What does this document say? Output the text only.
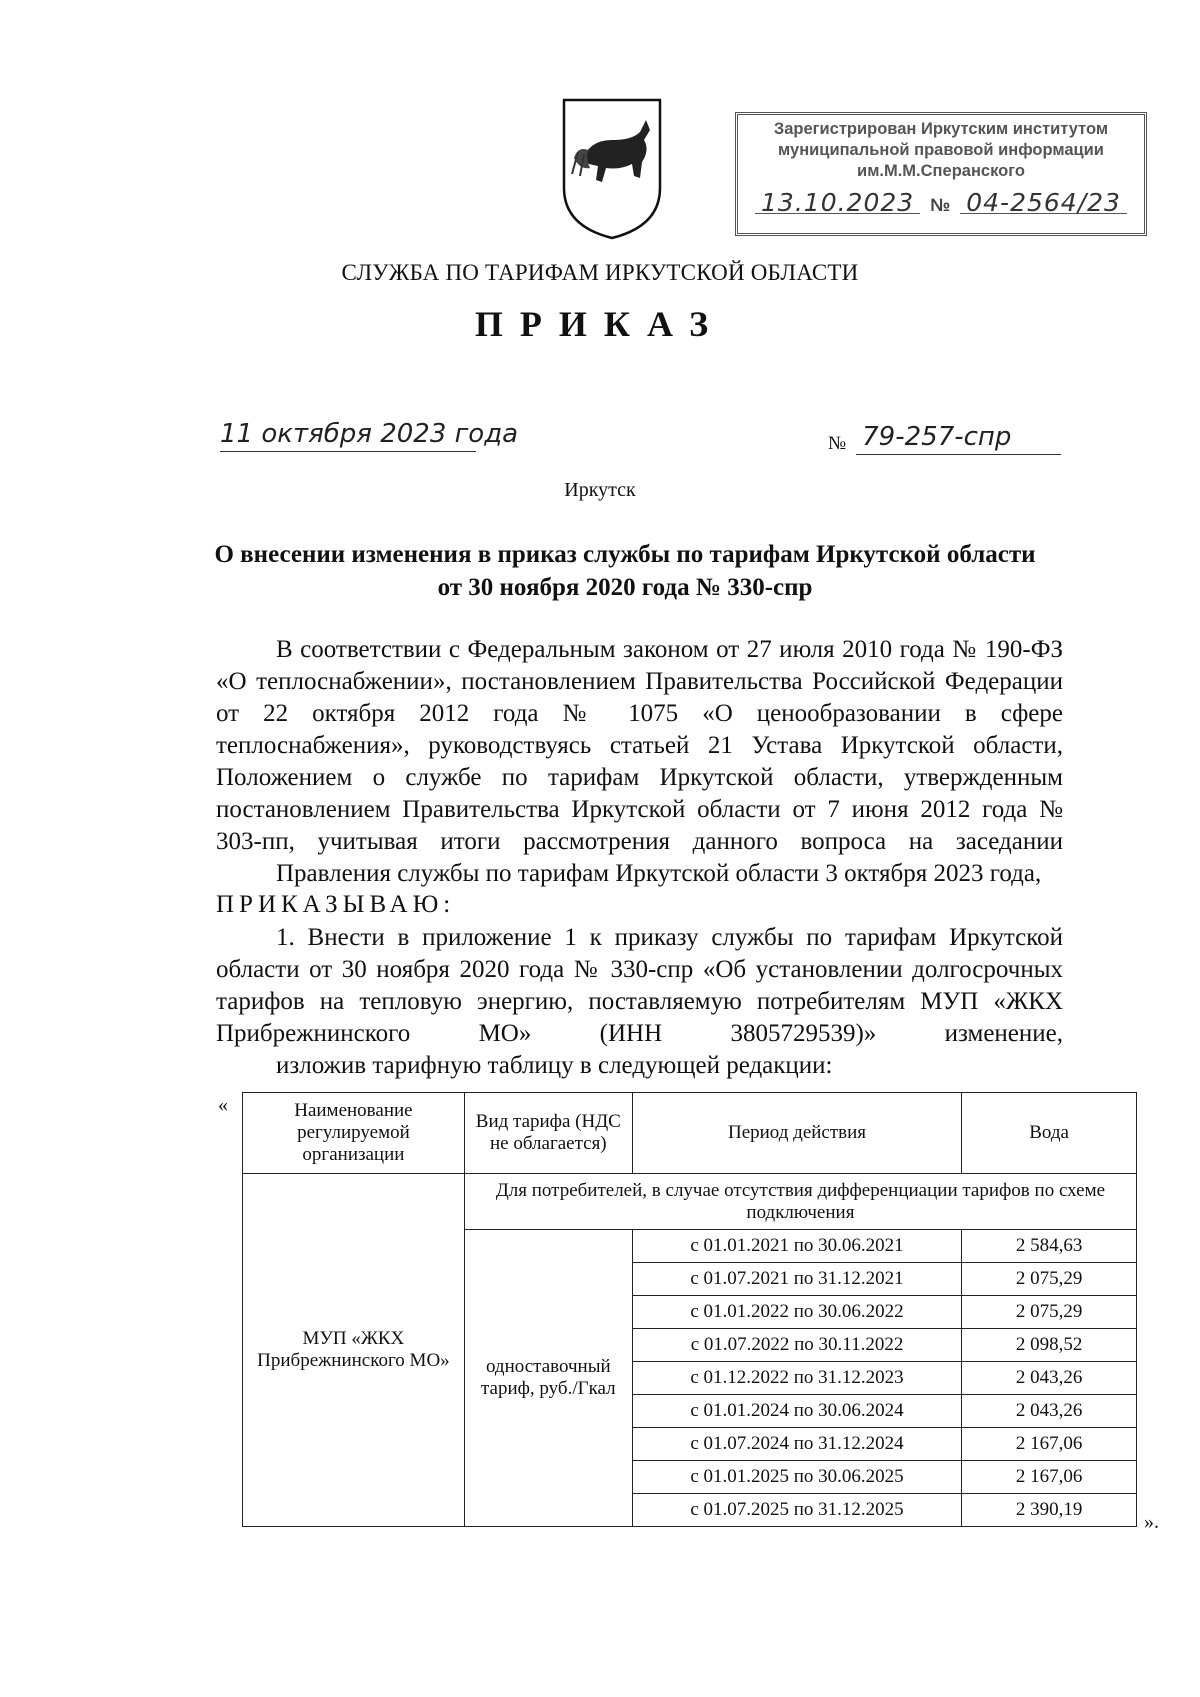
Зарегистрирован Иркутским институтом
муниципальной правовой информации
им.М.М.Сперанского
13.10.2023 № 04-2564/23
СЛУЖБА ПО ТАРИФАМ ИРКУТСКОЙ ОБЛАСТИ
ПРИКАЗ
11 октября 2023 года	№ 79-257-спр
Иркутск
О внесении изменения в приказ службы по тарифам Иркутской области
от 30 ноября 2020 года № 330-спр
В соответствии с Федеральным законом от 27 июля 2010 года № 190-ФЗ «О теплоснабжении», постановлением Правительства Российской Федерации от 22 октября 2012 года № 1075 «О ценообразовании в сфере теплоснабжения», руководствуясь статьей 21 Устава Иркутской области, Положением о службе по тарифам Иркутской области, утвержденным постановлением Правительства Иркутской области от 7 июня 2012 года № 303-пп, учитывая итоги рассмотрения данного вопроса на заседании
Правления службы по тарифам Иркутской области 3 октября 2023 года,
ПРИКАЗЫВАЮ:
1. Внести в приложение 1 к приказу службы по тарифам Иркутской области от 30 ноября 2020 года № 330-спр «Об установлении долгосрочных тарифов на тепловую энергию, поставляемую потребителям МУП «ЖКХ Прибрежнинского МО» (ИНН 3805729539)» изменение,
изложив тарифную таблицу в следующей редакции:
«	Наименование регулируемой организации	Вид тарифа (НДС не облагается)	Период действия	Вода
МУП «ЖКХ Прибрежнинского МО»	Для потребителей, в случае отсутствия дифференциации тарифов по схеме подключения		
	одноставочный тариф, руб./Гкал	с 01.01.2021 по 30.06.2021	2 584,63
		с 01.07.2021 по 31.12.2021	2 075,29
		с 01.01.2022 по 30.06.2022	2 075,29
		с 01.07.2022 по 30.11.2022	2 098,52
		с 01.12.2022 по 31.12.2023	2 043,26
		с 01.01.2024 по 30.06.2024	2 043,26
		с 01.07.2024 по 31.12.2024	2 167,06
		с 01.01.2025 по 30.06.2025	2 167,06
		с 01.07.2025 по 31.12.2025	2 390,19
».
